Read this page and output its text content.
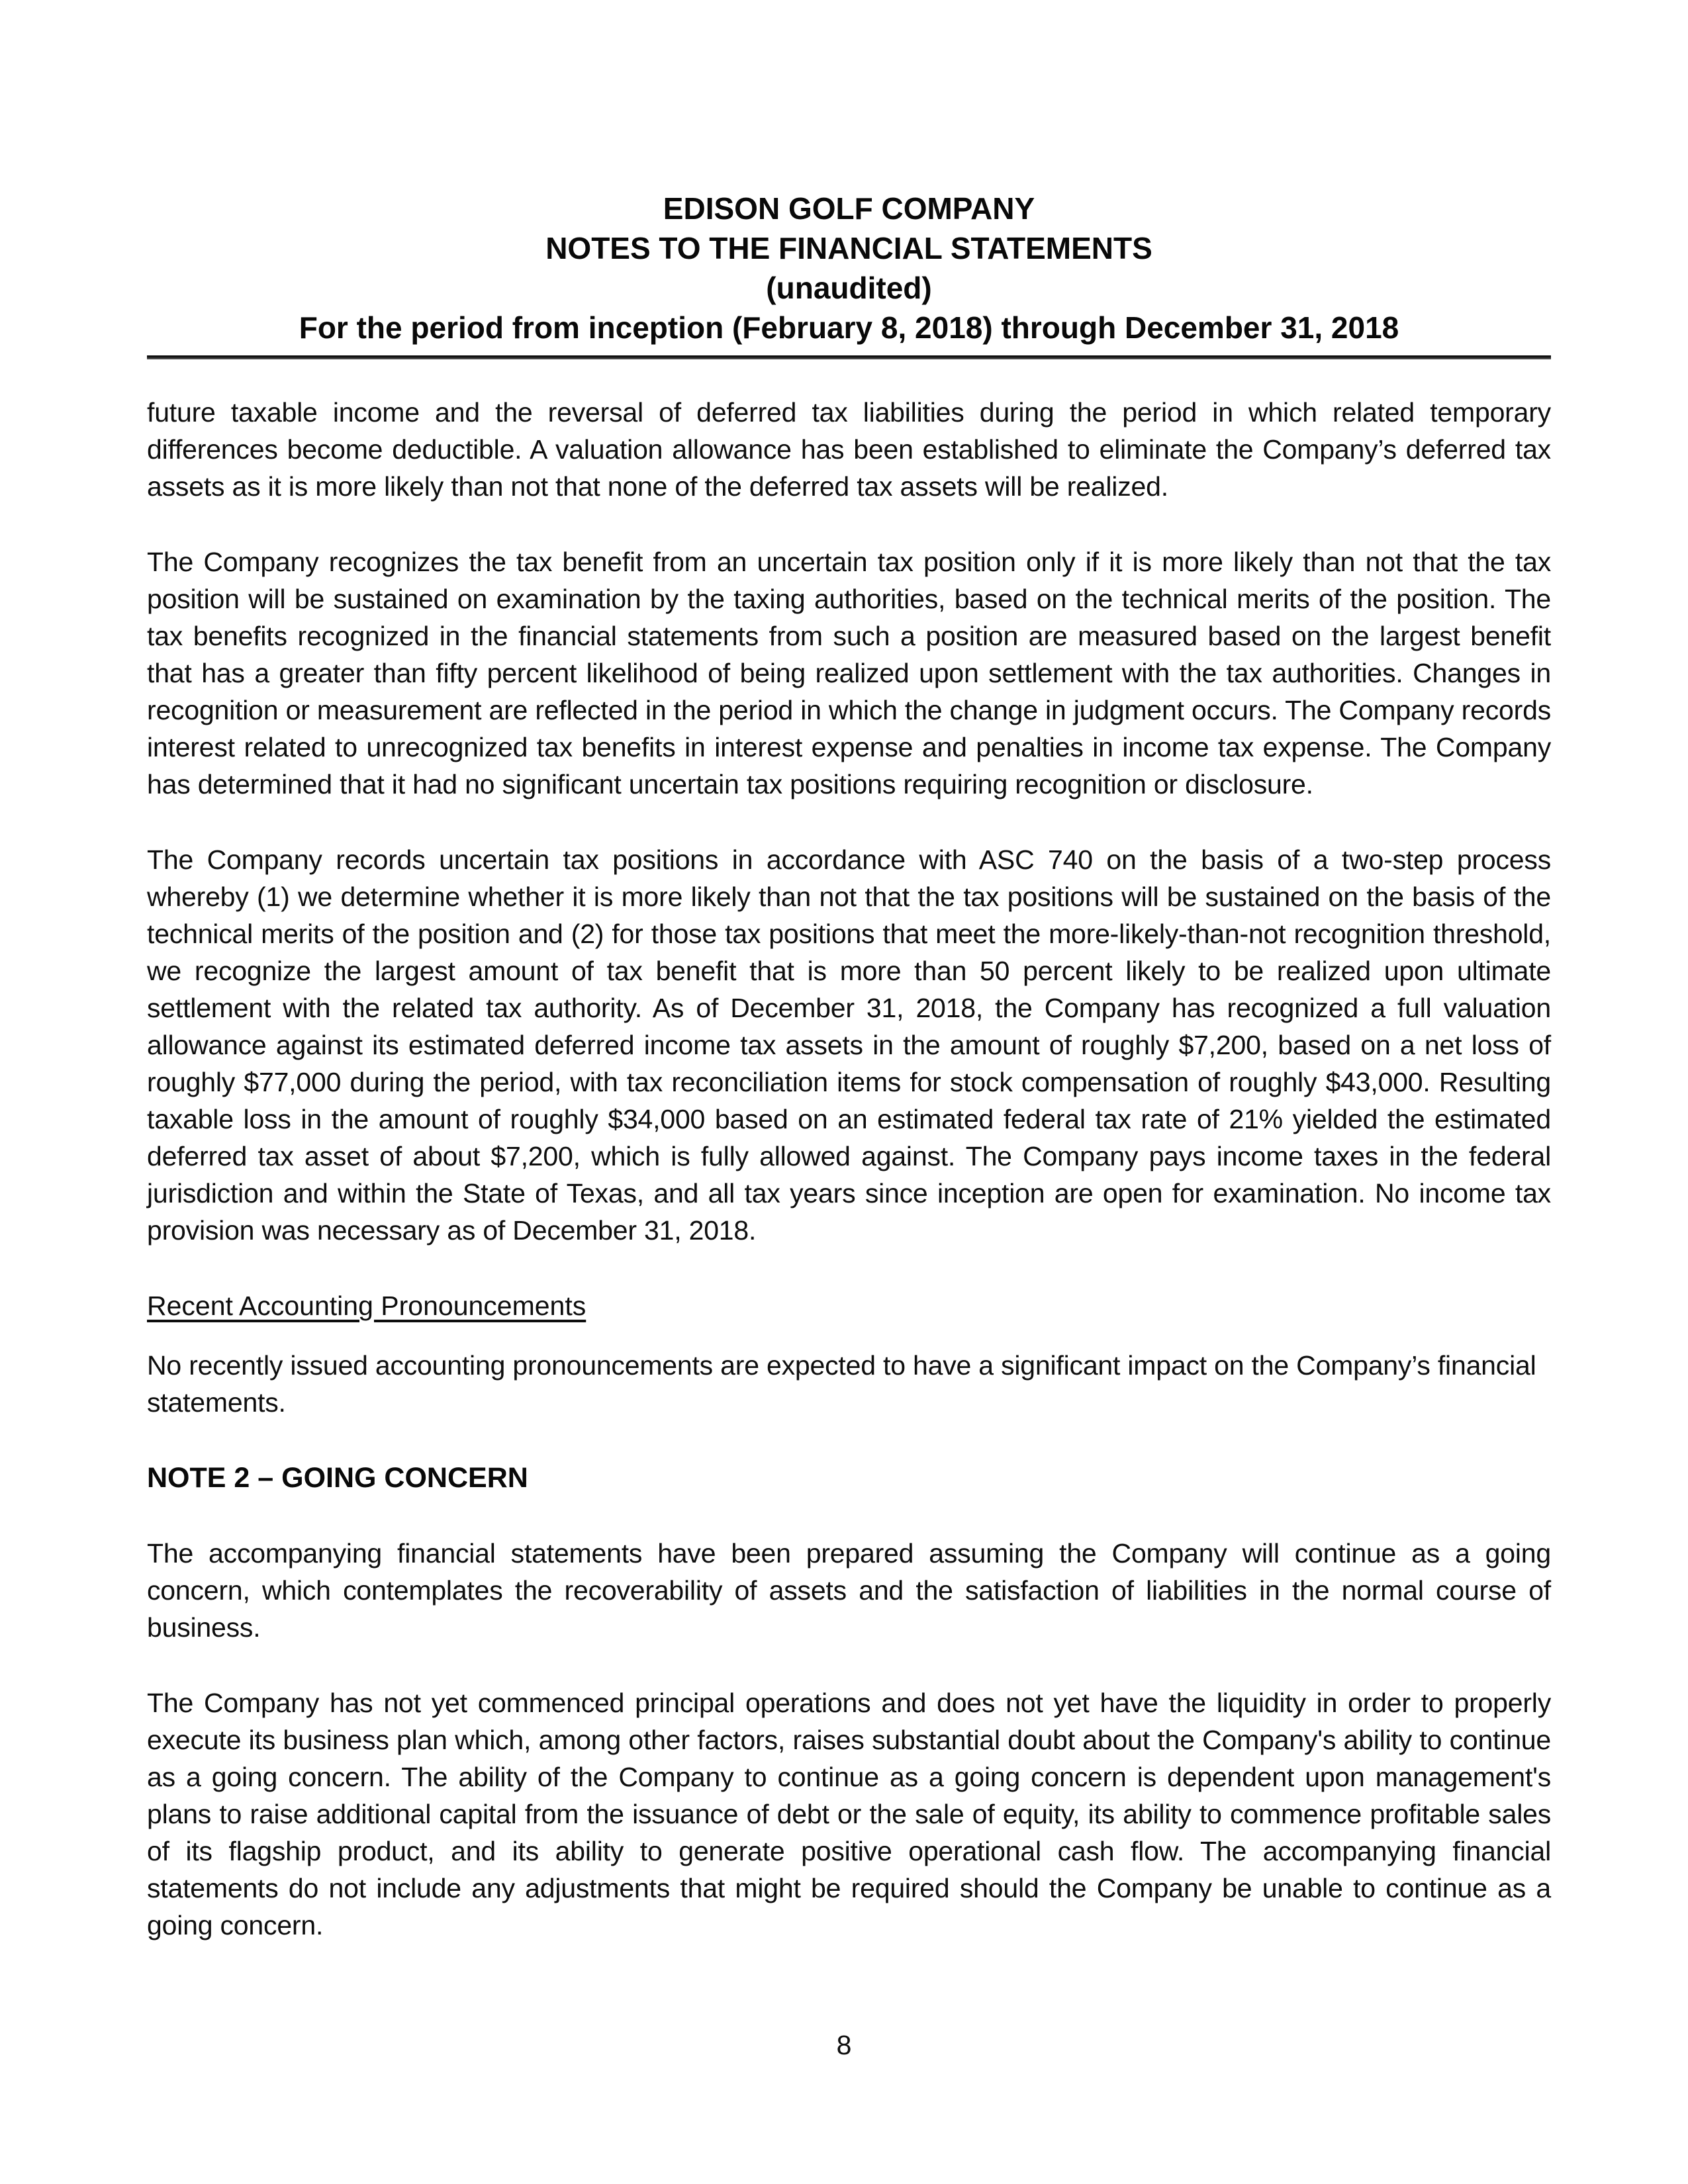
EDISON GOLF COMPANY
NOTES TO THE FINANCIAL STATEMENTS
(unaudited)
For the period from inception (February 8, 2018) through December 31, 2018

future taxable income and the reversal of deferred tax liabilities during the period in which related temporary differences become deductible. A valuation allowance has been established to eliminate the Company’s deferred tax assets as it is more likely than not that none of the deferred tax assets will be realized.

The Company recognizes the tax benefit from an uncertain tax position only if it is more likely than not that the tax position will be sustained on examination by the taxing authorities, based on the technical merits of the position. The tax benefits recognized in the financial statements from such a position are measured based on the largest benefit that has a greater than fifty percent likelihood of being realized upon settlement with the tax authorities. Changes in recognition or measurement are reflected in the period in which the change in judgment occurs. The Company records interest related to unrecognized tax benefits in interest expense and penalties in income tax expense. The Company has determined that it had no significant uncertain tax positions requiring recognition or disclosure.

The Company records uncertain tax positions in accordance with ASC 740 on the basis of a two-step process whereby (1) we determine whether it is more likely than not that the tax positions will be sustained on the basis of the technical merits of the position and (2) for those tax positions that meet the more-likely-than-not recognition threshold, we recognize the largest amount of tax benefit that is more than 50 percent likely to be realized upon ultimate settlement with the related tax authority. As of December 31, 2018, the Company has recognized a full valuation allowance against its estimated deferred income tax assets in the amount of roughly $7,200, based on a net loss of roughly $77,000 during the period, with tax reconciliation items for stock compensation of roughly $43,000. Resulting taxable loss in the amount of roughly $34,000 based on an estimated federal tax rate of 21% yielded the estimated deferred tax asset of about $7,200, which is fully allowed against. The Company pays income taxes in the federal jurisdiction and within the State of Texas, and all tax years since inception are open for examination. No income tax provision was necessary as of December 31, 2018.

Recent Accounting Pronouncements

No recently issued accounting pronouncements are expected to have a significant impact on the Company’s financial statements.

NOTE 2 – GOING CONCERN

The accompanying financial statements have been prepared assuming the Company will continue as a going concern, which contemplates the recoverability of assets and the satisfaction of liabilities in the normal course of business.

The Company has not yet commenced principal operations and does not yet have the liquidity in order to properly execute its business plan which, among other factors, raises substantial doubt about the Company's ability to continue as a going concern. The ability of the Company to continue as a going concern is dependent upon management's plans to raise additional capital from the issuance of debt or the sale of equity, its ability to commence profitable sales of its flagship product, and its ability to generate positive operational cash flow. The accompanying financial statements do not include any adjustments that might be required should the Company be unable to continue as a going concern.

8
